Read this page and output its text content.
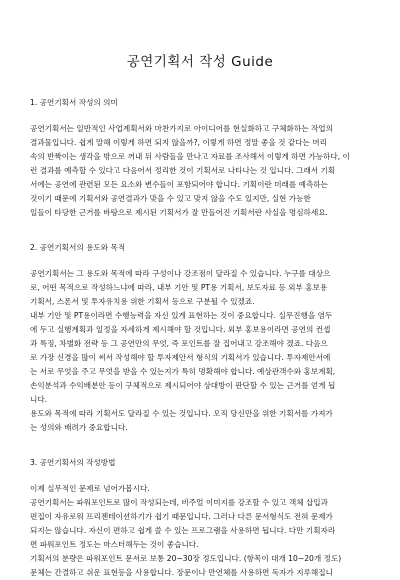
공연기획서 작성 Guide
1. 공연기획서 작성의 의미
공연기획서는 일반적인 사업계획서와 마찬가지로 아이디어를 현실화하고 구체화하는 작업의
결과물입니다. 쉽게 말해 이렇게 하면 되지 않을까?, 이렇게 하면 정말 좋을 것 같다는 머리
속의 반짝이는 생각을 밖으로 꺼내 뒤 사람들을 만나고 자료를 조사해서 이렇게 하면 가능하다, 이
런 결과를 예측할 수 있다고 다음어서 정리한 것이 기획서로 나타나는 것 입니다. 그래서 기획
서에는 공연에 관련된 모든 요소와 변수들이 포함되어야 합니다. 기획이란 미래를 예측하는
것이기 때문에 기획서와 공연결과가 맞을 수 있고 맞지 않을 수도 있지만, 실현 가능한
일들이 타당한 근거를 바탕으로 제시된 기획서가 잘 만들어진 기획서란 사실을 명심하세요.
2. 공연기획서의 용도와 목적
공연기획서는 그 용도와 목적에 따라 구성이나 강조점이 달라질 수 있습니다. 누구를 대상으
로, 어떤 목적으로 작성하느냐에 따라, 내부 기안 및 PT용 기획서, 보도자료 등 외부 홍보용
기획서, 스폰서 및 투자유치용 위한 기획서 등으로 구분될 수 있겠죠.
내부 기안 및 PT용이라면 수행능력을 자신 있게 표현하는 것이 중요합니다. 실무진행을 염두
에 두고 실행계획과 일정을 자세하게 제시해야 할 것입니다. 외부 홍보용이라면 공연의 컨셉
과 특징, 차별화 전략 등 그 공연만의 무엇, 즉 포인트를 잘 집어내고 강조해야 겠죠. 다음으
로 가장 신경을 많이 써서 작성해야 할 투자제안서 형식의 기획서가 있습니다. 투자제안서에
는 서로 무엇을 주고 무엇을 받을 수 있는지가 특히 명확해야 합니다. 예상관객수와 홍보계획,
손익분석과 수익배분안 등이 구체적으로 제시되어야 상대방이 판단할 수 있는 근거를 얻게 됩
니다.
용도와 목적에 따라 기획서도 달라질 수 있는 것입니다. 오직 당신만을 위한 기획서를 가져가
는 성의와 배려가 중요합니다.
3. 공연기획서의 작성방법
이제 실무적인 문제로 넘어가봅시다.
공연기획서는 파워포인트로 많이 작성되는데, 비주얼 이미지를 강조할 수 있고 객체 삽입과
편집이 자유로워 프리젠테이션하기가 쉽기 때문입니다. 그러나 다른 문서형식도 전혀 문제가
되지는 않습니다. 자신이 편하고 쉽게 쓸 수 있는 프로그램을 사용하면 됩니다. 다만 기획자라
면 파워포인트 정도는 마스터해두는 것이 좋습니다.
기획서의 분량은 파워포인트 문서로 보통 20~30장 정도입니다. (항목이 대개 10~20개 정도)
문체는 간결하고 쉬운 표현등을 사용합니다. 장문이나 만연체를 사용하면 독자가 지루해집니
